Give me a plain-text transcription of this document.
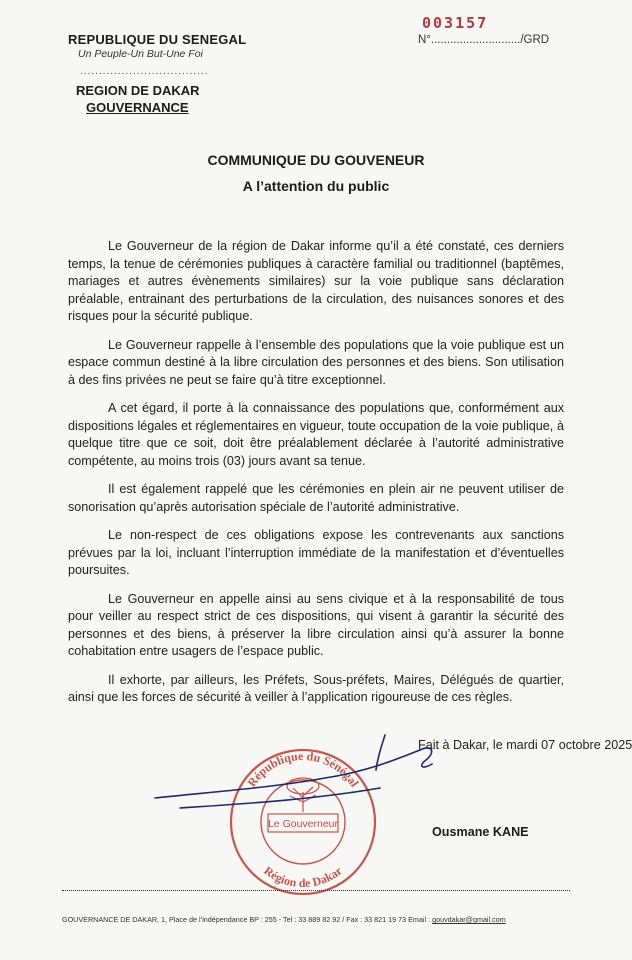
REPUBLIQUE DU SENEGAL
Un Peuple-Un But-Une Foi
..................................
REGION DE DAKAR
GOUVERNANCE
003157
N°............................/GRD
COMMUNIQUE DU GOUVENEUR
A l’attention du public

Le Gouverneur de la région de Dakar informe qu’il a été constaté, ces derniers temps, la tenue de cérémonies publiques à caractère familial ou traditionnel (baptêmes, mariages et autres évènements similaires) sur la voie publique sans déclaration préalable, entrainant des perturbations de la circulation, des nuisances sonores et des risques pour la sécurité publique.

Le Gouverneur rappelle à l’ensemble des populations que la voie publique est un espace commun destiné à la libre circulation des personnes et des biens. Son utilisation à des fins privées ne peut se faire qu’à titre exceptionnel.

A cet égard, il porte à la connaissance des populations que, conformément aux dispositions légales et réglementaires en vigueur, toute occupation de la voie publique, à quelque titre que ce soit, doit être préalablement déclarée à l’autorité administrative compétente, au moins trois (03) jours avant sa tenue.

Il est également rappelé que les cérémonies en plein air ne peuvent utiliser de sonorisation qu’après autorisation spéciale de l’autorité administrative.

Le non-respect de ces obligations expose les contrevenants aux sanctions prévues par la loi, incluant l’interruption immédiate de la manifestation et d’éventuelles poursuites.

Le Gouverneur en appelle ainsi au sens civique et à la responsabilité de tous pour veiller au respect strict de ces dispositions, qui visent à garantir la sécurité des personnes et des biens, à préserver la libre circulation ainsi qu’à assurer la bonne cohabitation entre usagers de l’espace public.

Il exhorte, par ailleurs, les Préfets, Sous-préfets, Maires, Délégués de quartier, ainsi que les forces de sécurité à veiller à l’application rigoureuse de ces règles.

Fait à Dakar, le mardi 07 octobre 2025
République du Sénégal
Région de Dakar
Le Gouverneur
Ousmane KANE
GOUVERNANCE DE DAKAR, 1, Place de l’indépendance BP : 255 - Tel : 33 889 82 92 / Fax : 33 821 19 73 Email : gouvdakar@gmail.com
